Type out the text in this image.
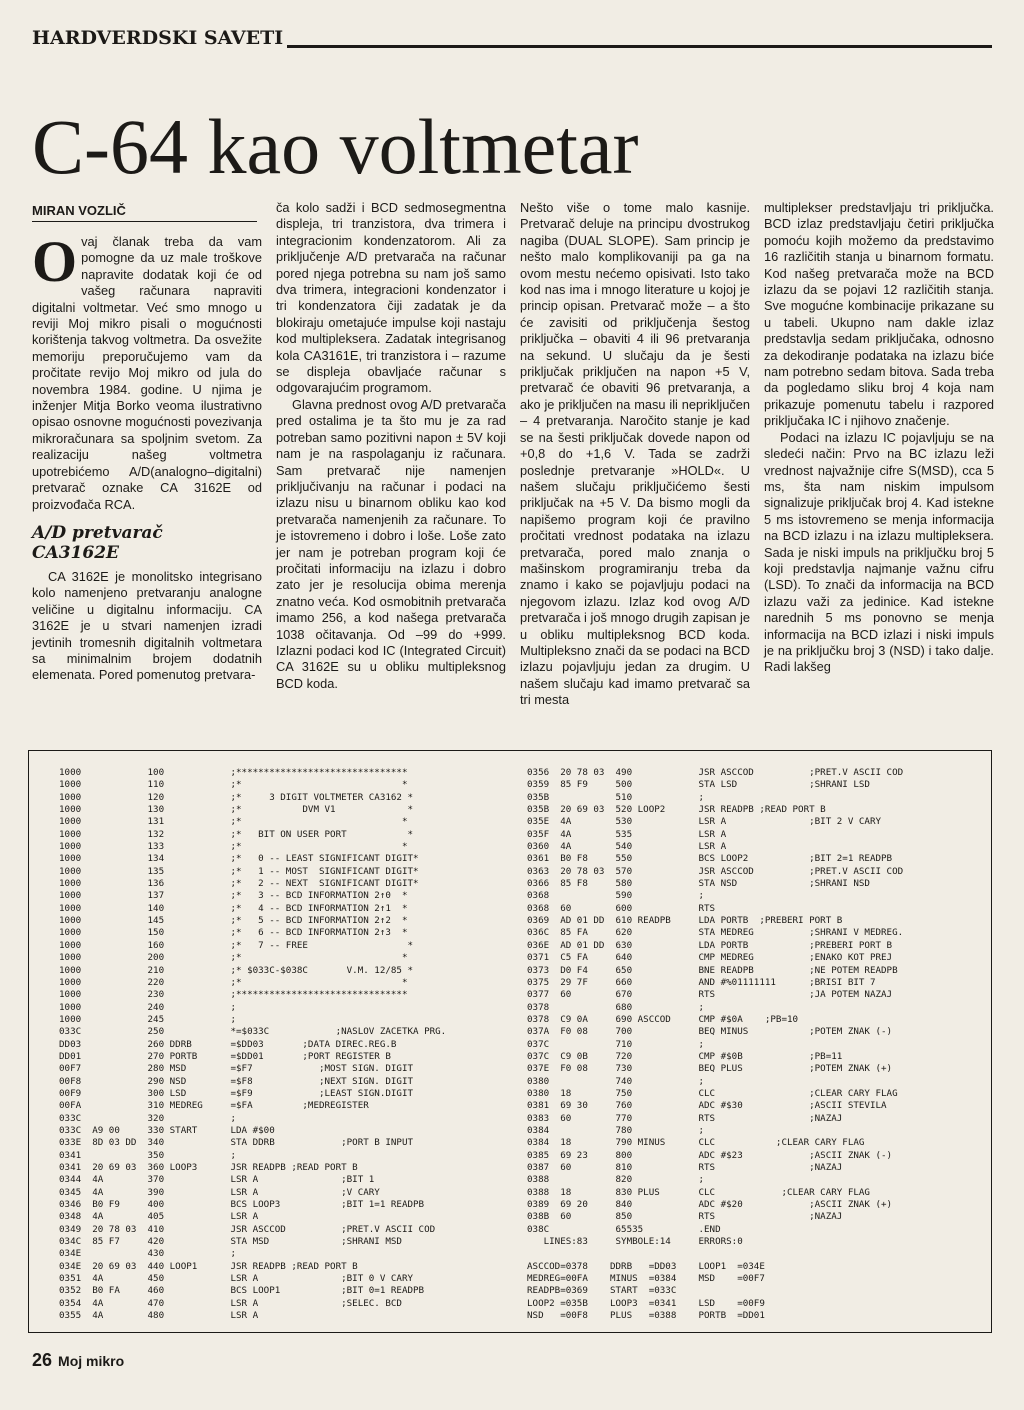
HARDVERDSKI SAVETI
C-64 kao voltmetar
MIRAN VOZLIČ

O vaj članak treba da vam pomogne da uz male troškove napravite dodatak koji će od vašeg računara napraviti digitalni voltmetar. Već smo mnogo u reviji Moj mikro pisali o mogućnosti korištenja takvog voltmetra. Da osvežite memoriju preporučujemo vam da pročitate revijo Moj mikro od jula do novembra 1984. godine. U njima je inženjer Mitja Borko veoma ilustrativno opisao osnovne mogućnosti povezivanja mikroračunara sa spoljnim svetom. Za realizaciju našeg voltmetra upotrebićemo A/D(analogno–digitalni) pretvarač oznake CA 3162E od proizvođača RCA.

A/D pretvarač
CA3162E

CA 3162E je monolitsko integrisano kolo namenjeno pretvaranju analogne veličine u digitalnu informaciju. CA 3162E je u stvari namenjen izradi jevtinih tromesnih digitalnih voltmetara sa minimalnim brojem dodatnih elemenata. Pored pomenutog pretvara-

ča kolo sadži i BCD sedmosegmentna displeja, tri tranzistora, dva trimera i integracionim kondenzatorom. Ali za priključenje A/D pretvarača na računar pored njega potrebna su nam još samo dva trimera, integracioni kondenzator i tri kondenzatora čiji zadatak je da blokiraju ometajuće impulse koji nastaju kod multipleksera. Zadatak integrisanog kola CA3161E, tri tranzistora i – razume se displeja obavljaće računar s odgovarajućim programom.

Glavna prednost ovog A/D pretvarača pred ostalima je ta što mu je za rad potreban samo pozitivni napon ± 5V koji nam je na raspolaganju iz računara. Sam pretvarač nije namenjen priključivanju na računar i podaci na izlazu nisu u binarnom obliku kao kod pretvarača namenjenih za računare. To je istovremeno i dobro i loše. Loše zato jer nam je potreban program koji će pročitati informaciju na izlazu i dobro zato jer je resolucija obima merenja znatno veća. Kod osmobitnih pretvarača imamo 256, a kod našega pretvarača 1038 očitavanja. Od –99 do +999. Izlazni podaci kod IC (Integrated Circuit) CA 3162E su u obliku multipleksnog BCD koda.

Nešto više o tome malo kasnije. Pretvarač deluje na principu dvostrukog nagiba (DUAL SLOPE). Sam princip je nešto malo komplikovaniji pa ga na ovom mestu nećemo opisivati. Isto tako kod nas ima i mnogo literature u kojoj je princip opisan. Pretvarač može – a što će zavisiti od priključenja šestog priključka – obaviti 4 ili 96 pretvaranja na sekund. U slučaju da je šesti priključak priključen na napon +5 V, pretvarač će obaviti 96 pretvaranja, a ako je priključen na masu ili nepriključen – 4 pretvaranja. Naročito stanje je kad se na šesti priključak dovede napon od +0,8 do +1,6 V. Tada se zadrži poslednje pretvaranje »HOLD«. U našem slučaju priključićemo šesti priključak na +5 V. Da bismo mogli da napišemo program koji će pravilno pročitati vrednost podataka na izlazu pretvarača, pored malo znanja o mašinskom programiranju treba da znamo i kako se pojavljuju podaci na njegovom izlazu. Izlaz kod ovog A/D pretvarača i još mnogo drugih zapisan je u obliku multipleksnog BCD koda. Multipleksno znači da se podaci na BCD izlazu pojavljuju jedan za drugim. U našem slučaju kad imamo pretvarač sa tri mesta

multiplekser predstavljaju tri priključka. BCD izlaz predstavljaju četiri priključka pomoću kojih možemo da predstavimo 16 različitih stanja u binarnom formatu. Kod našeg pretvarača može na BCD izlazu da se pojavi 12 različitih stanja. Sve mogućne kombinacije prikazane su u tabeli. Ukupno nam dakle izlaz predstavlja sedam priključaka, odnosno za dekodiranje podataka na izlazu biće nam potrebno sedam bitova. Sada treba da pogledamo sliku broj 4 koja nam prikazuje pomenutu tabelu i razpored priključaka IC i njihovo značenje.

Podaci na izlazu IC pojavljuju se na sledeći način: Prvo na BC izlazu leži vrednost najvažnije cifre S(MSD), cca 5 ms, šta nam niskim impulsom signalizuje priključak broj 4. Kad istekne 5 ms istovremeno se menja informacija na BCD izlazu i na izlazu multipleksera. Sada je niski impuls na priključku broj 5 koji predstavlja najmanje važnu cifru (LSD). To znači da informacija na BCD izlazu važi za jedinice. Kad istekne narednih 5 ms ponovno se menja informacija na BCD izlazi i niski impuls je na priključku broj 3 (NSD) i tako dalje. Radi lakšeg

1000            100            ;*******************************
1000            110            ;*                             *
1000            120            ;*     3 DIGIT VOLTMETER CA3162 *
1000            130            ;*           DVM V1             *
1000            131            ;*                             *
1000            132            ;*   BIT ON USER PORT           *
1000            133            ;*                             *
1000            134            ;*   0 -- LEAST SIGNIFICANT DIGIT*
1000            135            ;*   1 -- MOST  SIGNIFICANT DIGIT*
1000            136            ;*   2 -- NEXT  SIGNIFICANT DIGIT*
1000            137            ;*   3 -- BCD INFORMATION 2↑0  *
1000            140            ;*   4 -- BCD INFORMATION 2↑1  *
1000            145            ;*   5 -- BCD INFORMATION 2↑2  *
1000            150            ;*   6 -- BCD INFORMATION 2↑3  *
1000            160            ;*   7 -- FREE                  *
1000            200            ;*                             *
1000            210            ;* $033C-$038C       V.M. 12/85 *
1000            220            ;*                             *
1000            230            ;*******************************
1000            240            ;
1000            245            ;
033C            250            *=$033C            ;NASLOV ZACETKA PRG.
DD03            260 DDRB       =$DD03       ;DATA DIREC.REG.B
DD01            270 PORTB      =$DD01       ;PORT REGISTER B
00F7            280 MSD        =$F7            ;MOST SIGN. DIGIT
00F8            290 NSD        =$F8            ;NEXT SIGN. DIGIT
00F9            300 LSD        =$F9            ;LEAST SIGN.DIGIT
00FA            310 MEDREG     =$FA         ;MEDREGISTER
033C            320            ;
033C  A9 00     330 START      LDA #$00
033E  8D 03 DD  340            STA DDRB            ;PORT B INPUT
0341            350            ;
0341  20 69 03  360 LOOP3      JSR READPB ;READ PORT B
0344  4A        370            LSR A               ;BIT 1
0345  4A        390            LSR A               ;V CARY
0346  B0 F9     400            BCS LOOP3           ;BIT 1=1 READPB
0348  4A        405            LSR A
0349  20 78 03  410            JSR ASCCOD          ;PRET.V ASCII COD
034C  85 F7     420            STA MSD             ;SHRANI MSD
034E            430            ;
034E  20 69 03  440 LOOP1      JSR READPB ;READ PORT B
0351  4A        450            LSR A               ;BIT 0 V CARY
0352  B0 FA     460            BCS LOOP1           ;BIT 0=1 READPB
0354  4A        470            LSR A               ;SELEC. BCD
0355  4A        480            LSR A
0356  20 78 03  490            JSR ASCCOD          ;PRET.V ASCII COD
0359  85 F9     500            STA LSD             ;SHRANI LSD
035B            510            ;
035B  20 69 03  520 LOOP2      JSR READPB ;READ PORT B
035E  4A        530            LSR A               ;BIT 2 V CARY
035F  4A        535            LSR A
0360  4A        540            LSR A
0361  B0 F8     550            BCS LOOP2           ;BIT 2=1 READPB
0363  20 78 03  570            JSR ASCCOD          ;PRET.V ASCII COD
0366  85 F8     580            STA NSD             ;SHRANI NSD
0368            590            ;
0368  60        600            RTS
0369  AD 01 DD  610 READPB     LDA PORTB  ;PREBERI PORT B
036C  85 FA     620            STA MEDREG          ;SHRANI V MEDREG.
036E  AD 01 DD  630            LDA PORTB           ;PREBERI PORT B
0371  C5 FA     640            CMP MEDREG          ;ENAKO KOT PREJ
0373  D0 F4     650            BNE READPB          ;NE POTEM READPB
0375  29 7F     660            AND #%01111111      ;BRISI BIT 7
0377  60        670            RTS                 ;JA POTEM NAZAJ
0378            680            ;
0378  C9 0A     690 ASCCOD     CMP #$0A    ;PB=10
037A  F0 08     700            BEQ MINUS           ;POTEM ZNAK (-)
037C            710            ;
037C  C9 0B     720            CMP #$0B            ;PB=11
037E  F0 08     730            BEQ PLUS            ;POTEM ZNAK (+)
0380            740            ;
0380  18        750            CLC                 ;CLEAR CARY FLAG
0381  69 30     760            ADC #$30            ;ASCII STEVILA
0383  60        770            RTS                 ;NAZAJ
0384            780            ;
0384  18        790 MINUS      CLC           ;CLEAR CARY FLAG
0385  69 23     800            ADC #$23            ;ASCII ZNAK (-)
0387  60        810            RTS                 ;NAZAJ
0388            820            ;
0388  18        830 PLUS       CLC            ;CLEAR CARY FLAG
0389  69 20     840            ADC #$20            ;ASCII ZNAK (+)
038B  60        850            RTS                 ;NAZAJ
038C            65535          .END
LINES:83     SYMBOLE:14     ERRORS:0
ASCCOD=0378    DDRB   =DD03    LOOP1  =034E
MEDREG=00FA    MINUS  =0384    MSD    =00F7
READPB=0369    START  =033C
LOOP2 =035B    LOOP3  =0341    LSD    =00F9
NSD   =00F8    PLUS   =0388    PORTB  =DD01
26 Moj mikro
